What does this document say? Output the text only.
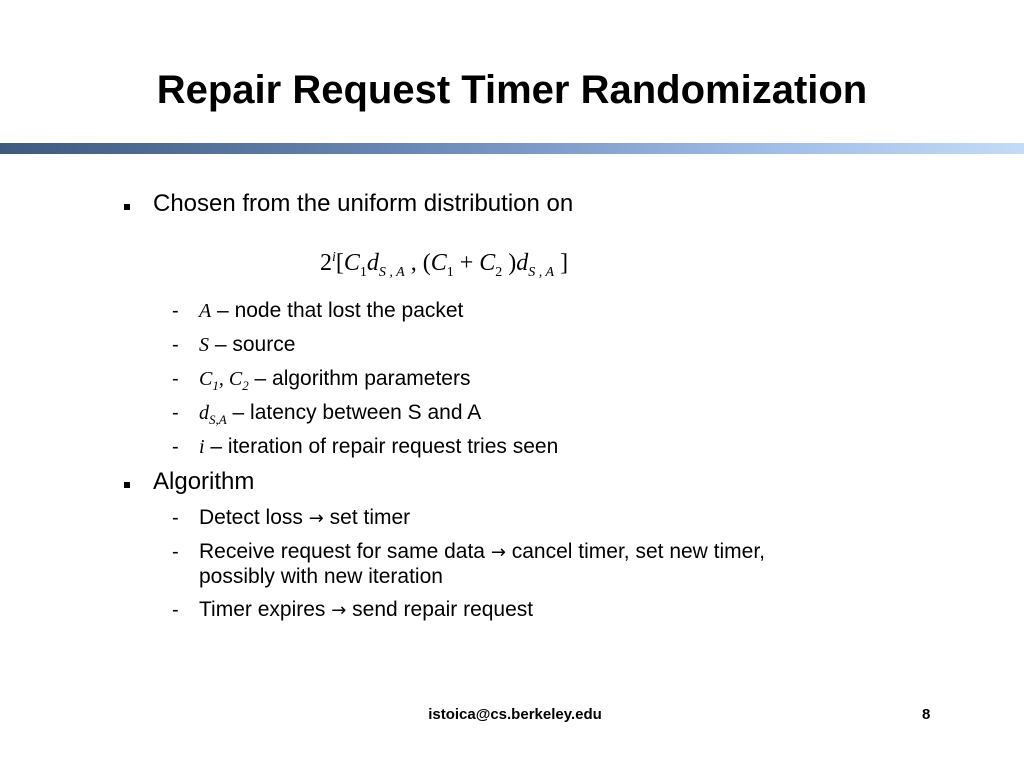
Repair Request Timer Randomization
Chosen from the uniform distribution on
$2^i[C_1d_{S , A}$ , ($C_1 + C_2$ )$d_{S , A}$ ]
- A – node that lost the packet
- S – source
- $C_1$, $C_2$ – algorithm parameters
- $d_{S,A}$ – latency between S and A
- i – iteration of repair request tries seen
Algorithm
- Detect loss → set timer
- Receive request for same data → cancel timer, set new timer,
possibly with new iteration
- Timer expires → send repair request
istoica@cs.berkeley.edu	8
